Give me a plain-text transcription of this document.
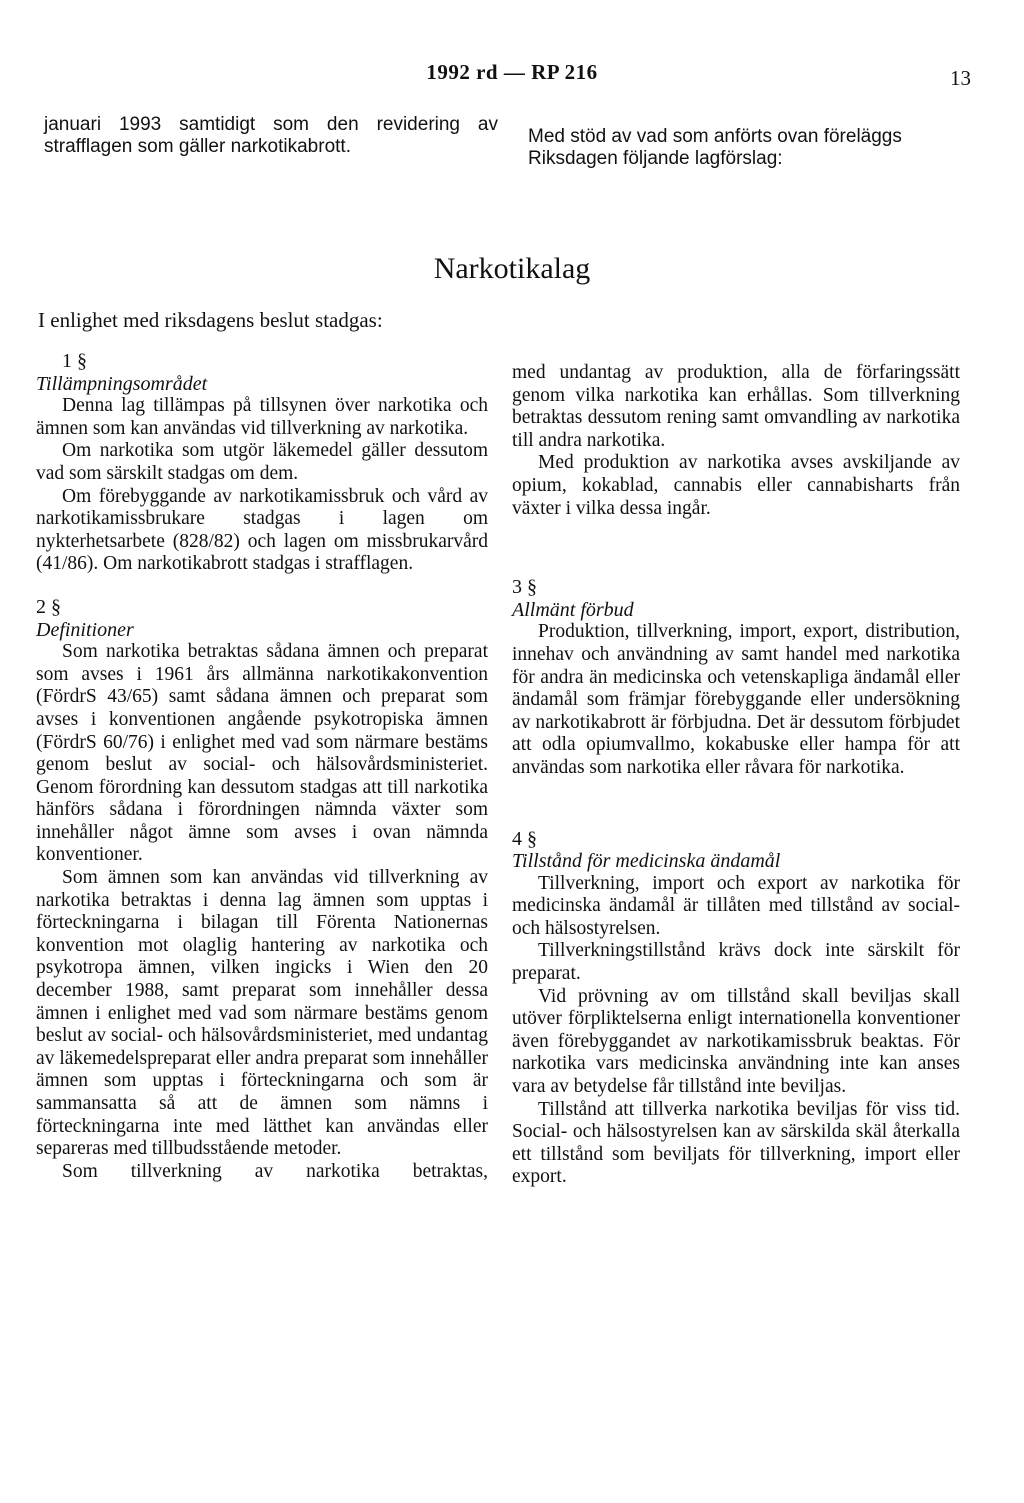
1992 rd — RP 216	13
januari 1993 samtidigt som den revidering av strafflagen som gäller narkotikabrott.	Med stöd av vad som anförts ovan föreläggs Riksdagen följande lagförslag:
Narkotikalag
I enlighet med riksdagens beslut stadgas:

1 §

Tillämpningsområdet

Denna lag tillämpas på tillsynen över narkotika och ämnen som kan användas vid tillverkning av narkotika.

Om narkotika som utgör läkemedel gäller dessutom vad som särskilt stadgas om dem.

Om förebyggande av narkotikamissbruk och vård av narkotikamissbrukare stadgas i lagen om nykterhetsarbete (828/82) och lagen om missbrukarvård (41/86). Om narkotikabrott stadgas i strafflagen.

2 §

Definitioner

Som narkotika betraktas sådana ämnen och preparat som avses i 1961 års allmänna narkotikakonvention (FördrS 43/65) samt sådana ämnen och preparat som avses i konventionen angående psykotropiska ämnen (FördrS 60/76) i enlighet med vad som närmare bestäms genom beslut av social- och hälsovårdsministeriet. Genom förordning kan dessutom stadgas att till narkotika hänförs sådana i förordningen nämnda växter som innehåller något ämne som avses i ovan nämnda konventioner.

Som ämnen som kan användas vid tillverkning av narkotika betraktas i denna lag ämnen som upptas i förteckningarna i bilagan till Förenta Nationernas konvention mot olaglig hantering av narkotika och psykotropa ämnen, vilken ingicks i Wien den 20 december 1988, samt preparat som innehåller dessa ämnen i enlighet med vad som närmare bestäms genom beslut av social- och hälsovårdsministeriet, med undantag av läkemedelspreparat eller andra preparat som innehåller ämnen som upptas i förteckningarna och som är sammansatta så att de ämnen som nämns i förteckningarna inte med lätthet kan användas eller separeras med tillbudsstående metoder.

Som tillverkning av narkotika betraktas,

med undantag av produktion, alla de förfaringssätt genom vilka narkotika kan erhållas. Som tillverkning betraktas dessutom rening samt omvandling av narkotika till andra narkotika.

Med produktion av narkotika avses avskiljande av opium, kokablad, cannabis eller cannabisharts från växter i vilka dessa ingår.

3 §

Allmänt förbud

Produktion, tillverkning, import, export, distribution, innehav och användning av samt handel med narkotika för andra än medicinska och vetenskapliga ändamål eller ändamål som främjar förebyggande eller undersökning av narkotikabrott är förbjudna. Det är dessutom förbjudet att odla opiumvallmo, kokabuske eller hampa för att användas som narkotika eller råvara för narkotika.

4 §

Tillstånd för medicinska ändamål

Tillverkning, import och export av narkotika för medicinska ändamål är tillåten med tillstånd av social- och hälsostyrelsen.

Tillverkningstillstånd krävs dock inte särskilt för preparat.

Vid prövning av om tillstånd skall beviljas skall utöver förpliktelserna enligt internationella konventioner även förebyggandet av narkotikamissbruk beaktas. För narkotika vars medicinska användning inte kan anses vara av betydelse får tillstånd inte beviljas.

Tillstånd att tillverka narkotika beviljas för viss tid. Social- och hälsostyrelsen kan av särskilda skäl återkalla ett tillstånd som beviljats för tillverkning, import eller export.
